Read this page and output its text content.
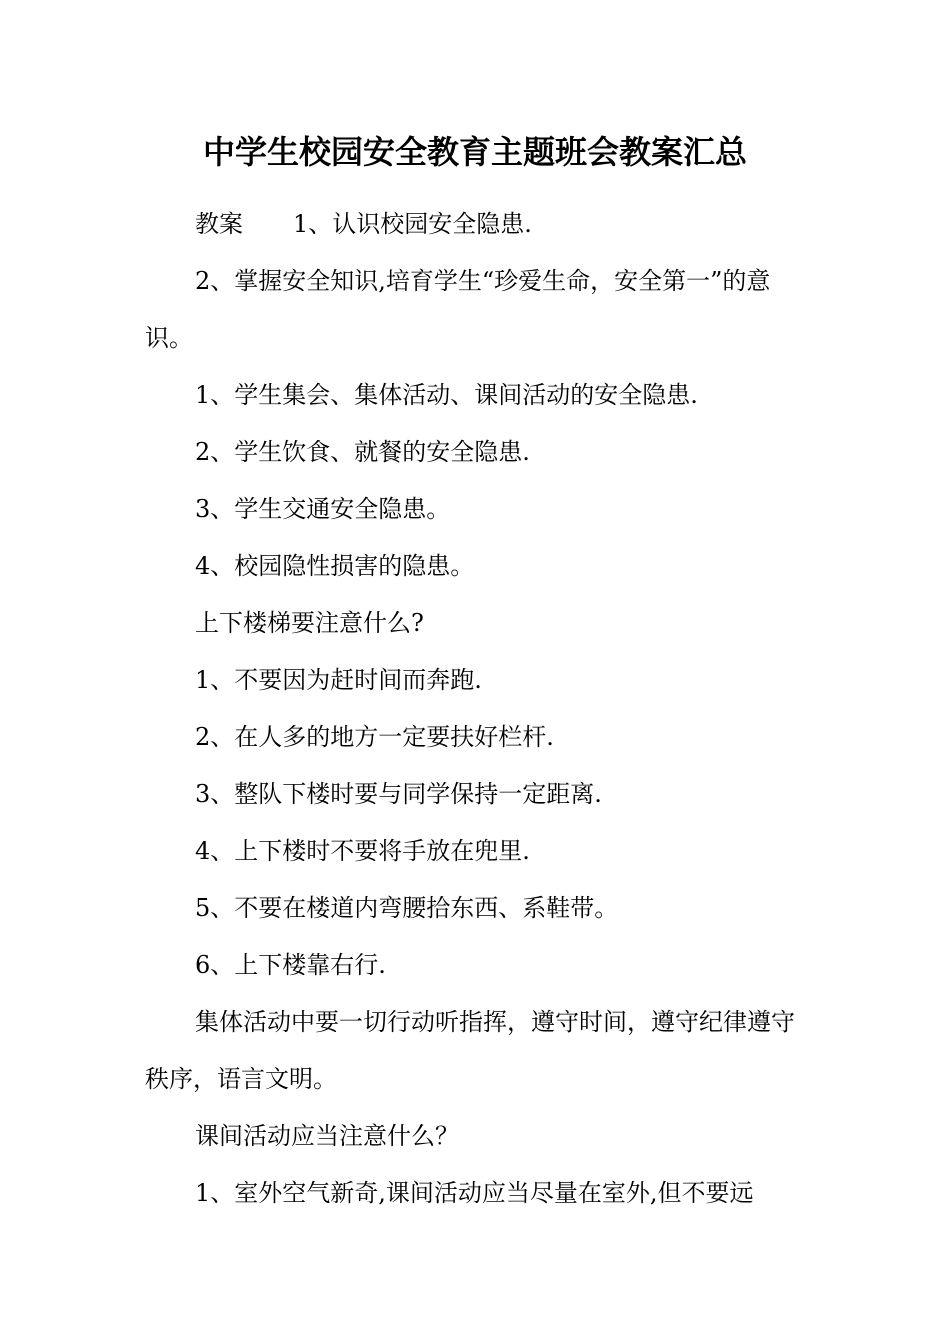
中学生校园安全教育主题班会教案汇总

教案 1、认识校园安全隐患.

2、掌握安全知识,培育学生“珍爱生命，安全第一”的意识。

1、学生集会、集体活动、课间活动的安全隐患.

2、学生饮食、就餐的安全隐患.

3、学生交通安全隐患。

4、校园隐性损害的隐患。

上下楼梯要注意什么?

1、不要因为赶时间而奔跑.

2、在人多的地方一定要扶好栏杆.

3、整队下楼时要与同学保持一定距离.

4、上下楼时不要将手放在兜里.

5、不要在楼道内弯腰拾东西、系鞋带。

6、上下楼靠右行.

集体活动中要一切行动听指挥，遵守时间，遵守纪律遵守秩序，语言文明。

课间活动应当注意什么？

1、室外空气新奇,课间活动应当尽量在室外,但不要远
